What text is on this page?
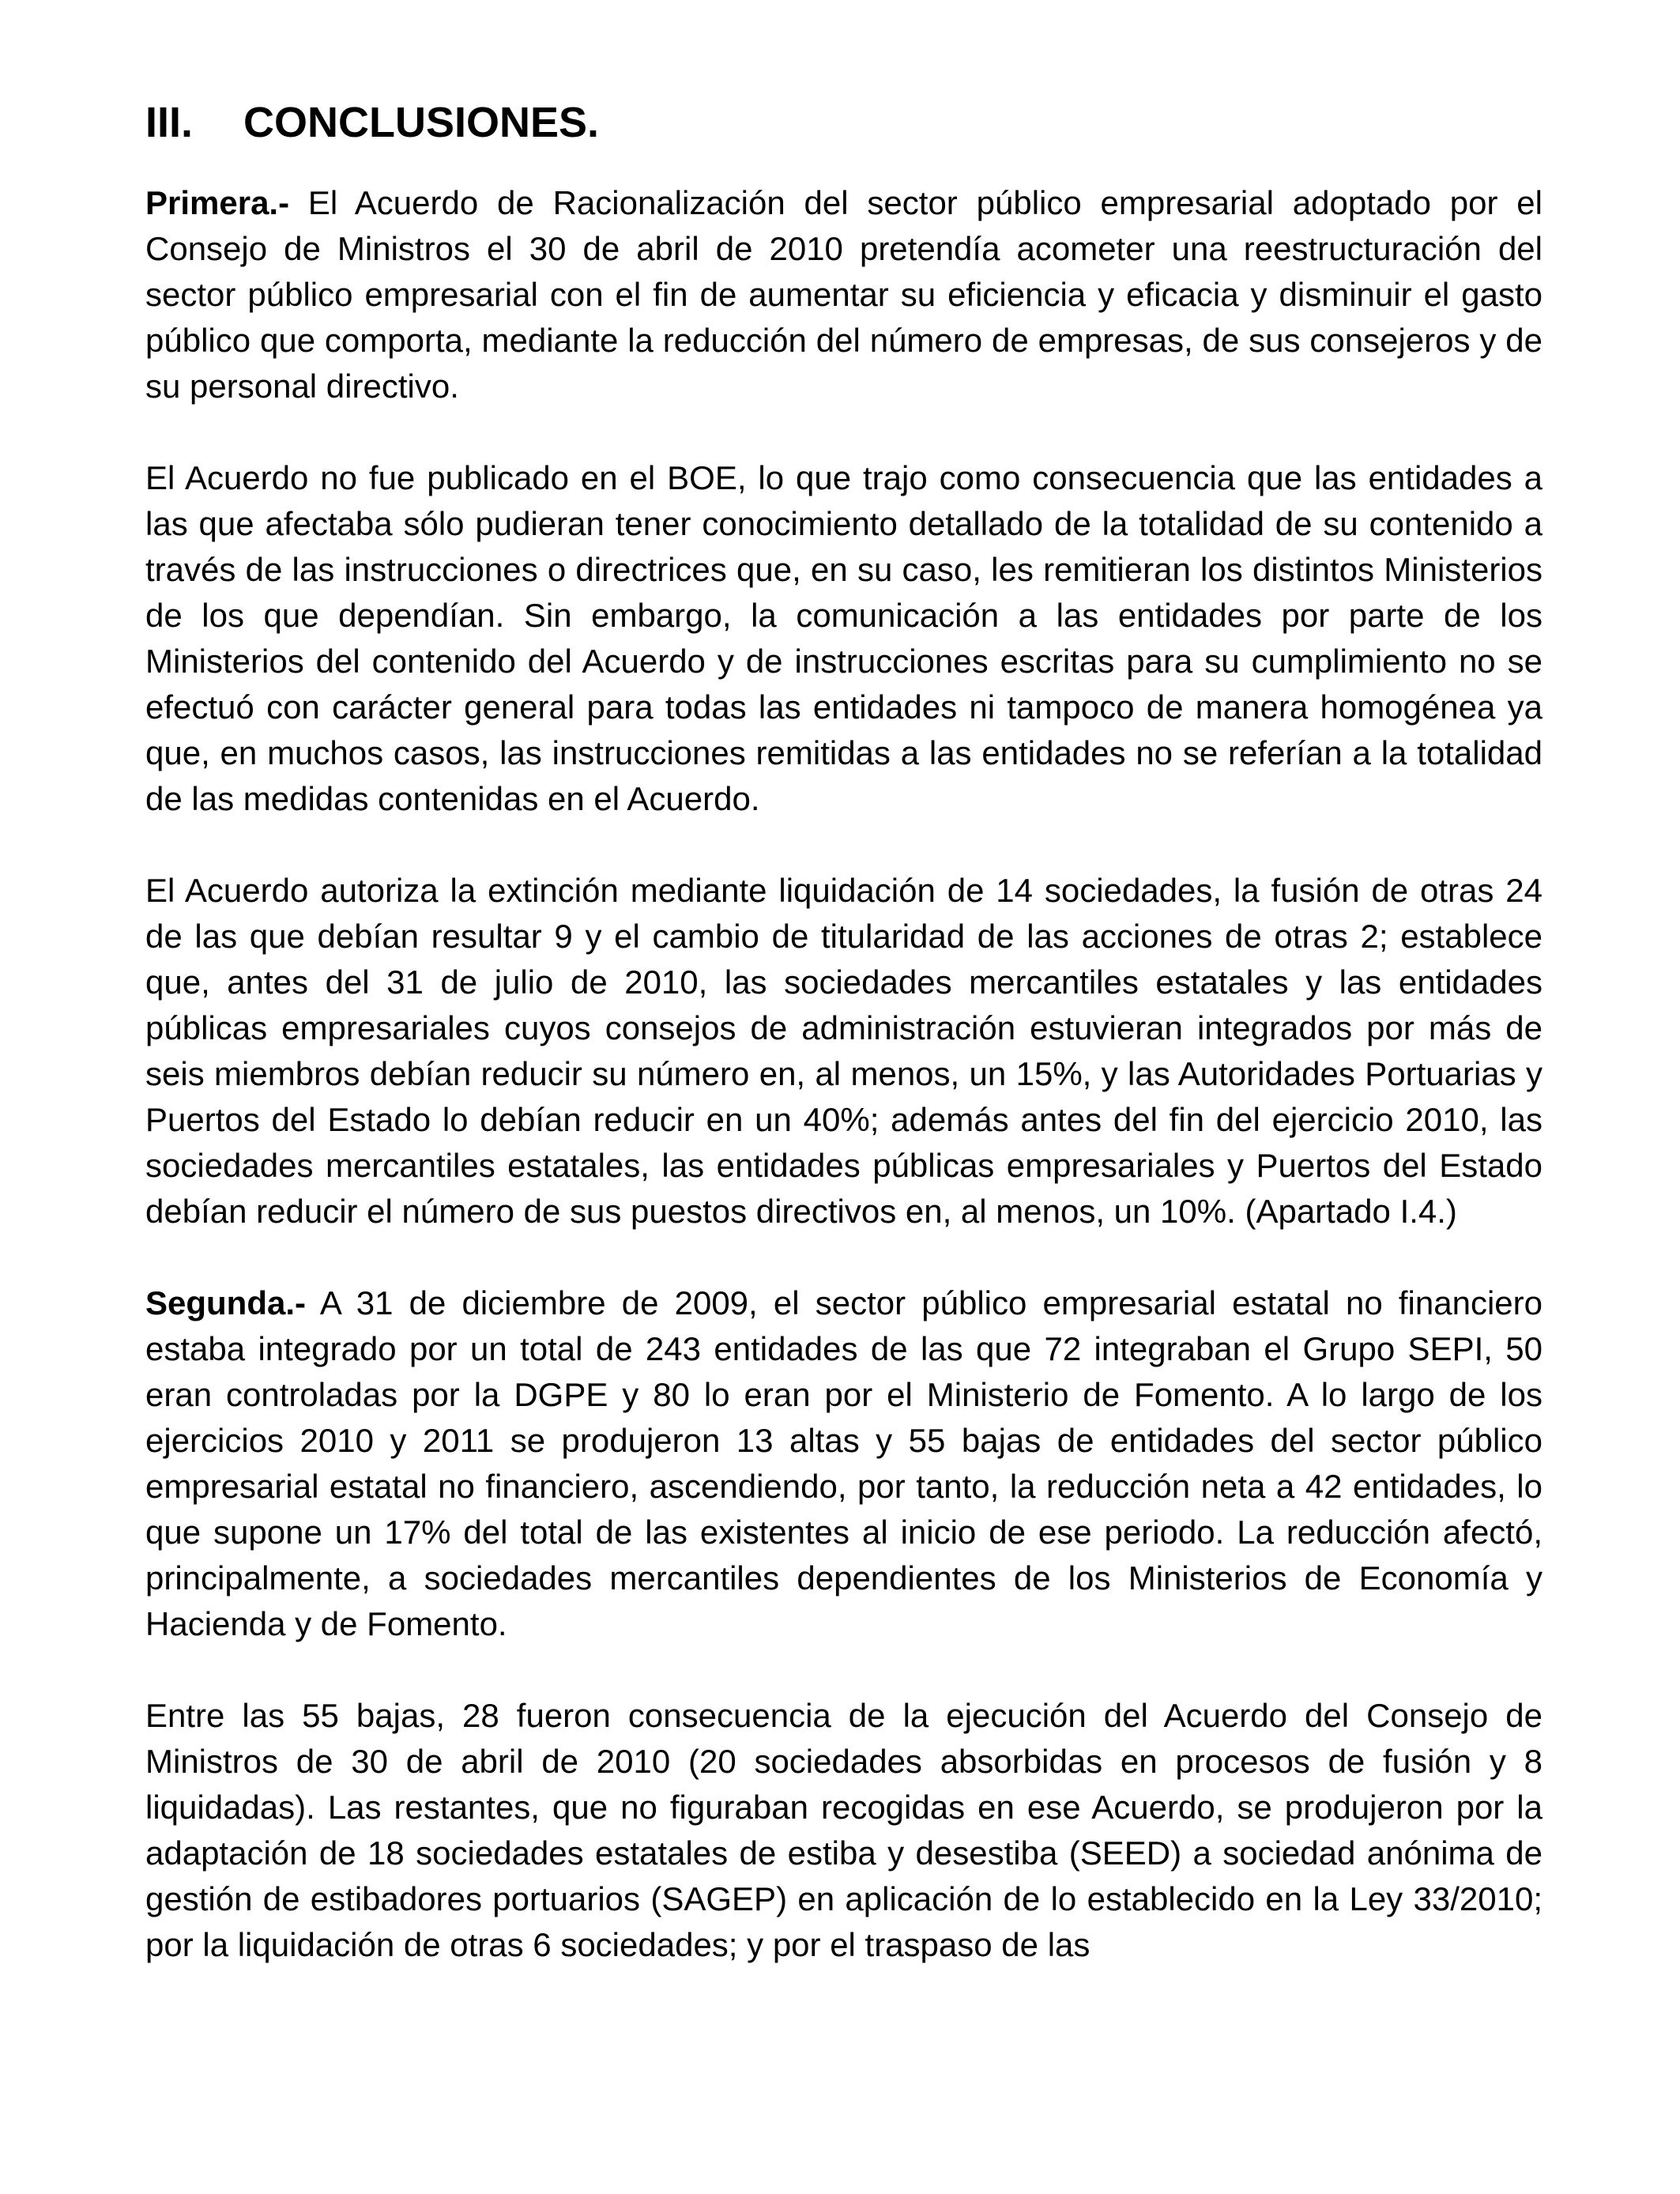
III. CONCLUSIONES.

Primera.- El Acuerdo de Racionalización del sector público empresarial adoptado por el Consejo de Ministros el 30 de abril de 2010 pretendía acometer una reestructuración del sector público empresarial con el fin de aumentar su eficiencia y eficacia y disminuir el gasto público que comporta, mediante la reducción del número de empresas, de sus consejeros y de su personal directivo.

El Acuerdo no fue publicado en el BOE, lo que trajo como consecuencia que las entidades a las que afectaba sólo pudieran tener conocimiento detallado de la totalidad de su contenido a través de las instrucciones o directrices que, en su caso, les remitieran los distintos Ministerios de los que dependían. Sin embargo, la comunicación a las entidades por parte de los Ministerios del contenido del Acuerdo y de instrucciones escritas para su cumplimiento no se efectuó con carácter general para todas las entidades ni tampoco de manera homogénea ya que, en muchos casos, las instrucciones remitidas a las entidades no se referían a la totalidad de las medidas contenidas en el Acuerdo.

El Acuerdo autoriza la extinción mediante liquidación de 14 sociedades, la fusión de otras 24 de las que debían resultar 9 y el cambio de titularidad de las acciones de otras 2; establece que, antes del 31 de julio de 2010, las sociedades mercantiles estatales y las entidades públicas empresariales cuyos consejos de administración estuvieran integrados por más de seis miembros debían reducir su número en, al menos, un 15%, y las Autoridades Portuarias y Puertos del Estado lo debían reducir en un 40%; además antes del fin del ejercicio 2010, las sociedades mercantiles estatales, las entidades públicas empresariales y Puertos del Estado debían reducir el número de sus puestos directivos en, al menos, un 10%. (Apartado I.4.)

Segunda.- A 31 de diciembre de 2009, el sector público empresarial estatal no financiero estaba integrado por un total de 243 entidades de las que 72 integraban el Grupo SEPI, 50 eran controladas por la DGPE y 80 lo eran por el Ministerio de Fomento. A lo largo de los ejercicios 2010 y 2011 se produjeron 13 altas y 55 bajas de entidades del sector público empresarial estatal no financiero, ascendiendo, por tanto, la reducción neta a 42 entidades, lo que supone un 17% del total de las existentes al inicio de ese periodo. La reducción afectó, principalmente, a sociedades mercantiles dependientes de los Ministerios de Economía y Hacienda y de Fomento.

Entre las 55 bajas, 28 fueron consecuencia de la ejecución del Acuerdo del Consejo de Ministros de 30 de abril de 2010 (20 sociedades absorbidas en procesos de fusión y 8 liquidadas). Las restantes, que no figuraban recogidas en ese Acuerdo, se produjeron por la adaptación de 18 sociedades estatales de estiba y desestiba (SEED) a sociedad anónima de gestión de estibadores portuarios (SAGEP) en aplicación de lo establecido en la Ley 33/2010; por la liquidación de otras 6 sociedades; y por el traspaso de las
